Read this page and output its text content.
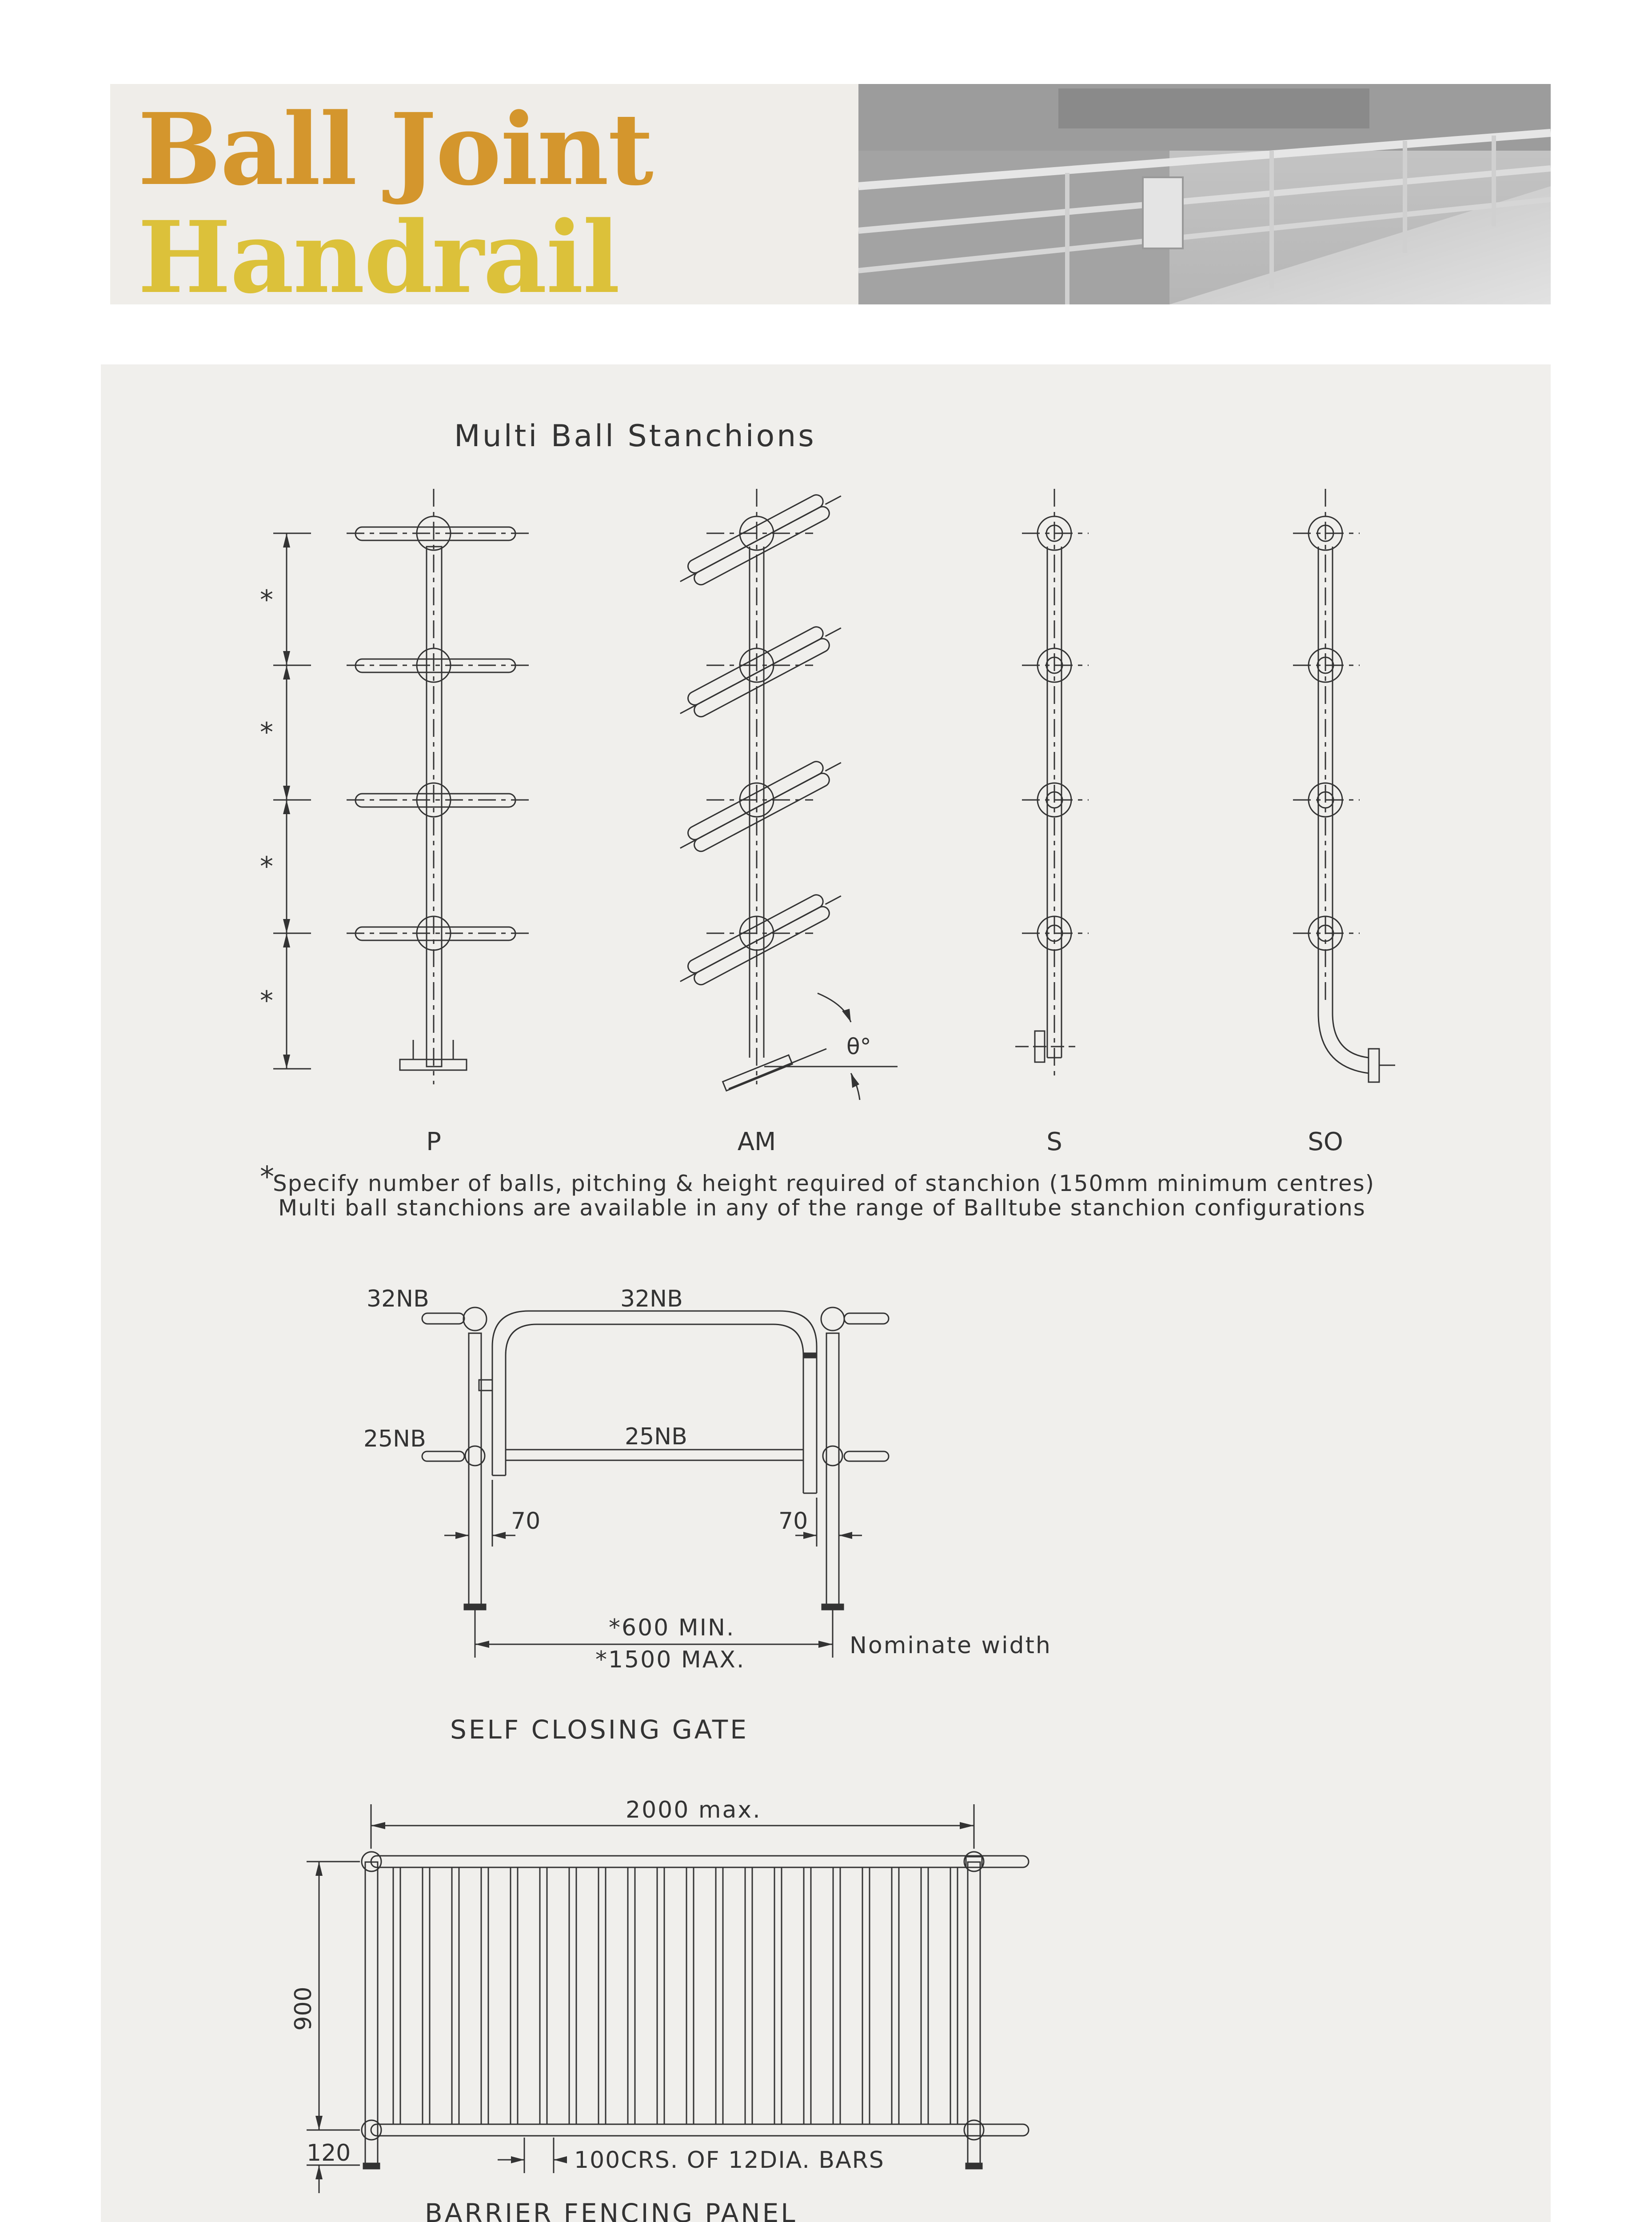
Ball Joint
Handrail
Multi Ball Stanchions
*
*
*
*
θ°
P	AM	S	SO
*
Specify number of balls, pitching & height required of stanchion (150mm minimum centres)
Multi ball stanchions are available in any of the range of Balltube stanchion configurations
32NB	32NB
25NB	25NB
70	70
*600 MIN.
*1500 MAX.
Nominate width
SELF CLOSING GATE
2000 max.
900
120	100CRS. OF 12DIA. BARS
BARRIER FENCING PANEL
